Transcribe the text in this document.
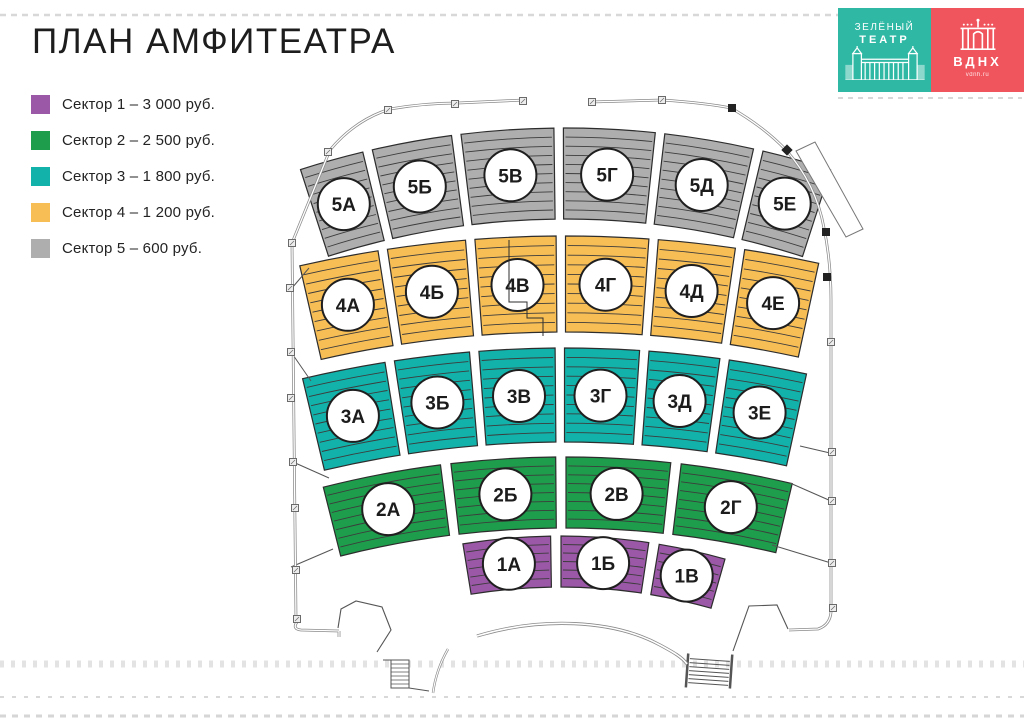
ПЛАН АМФИТЕАТРА
Сектор 1 – 3 000 руб.
Сектор 2 – 2 500 руб.
Сектор 3 – 1 800 руб.
Сектор 4 – 1 200 руб.
Сектор 5 – 600 руб.
5А
5Б
5В	5Г	5Д
5Е
4А
4Б	4В	4Г	4Д
4Е
3А
3Б	3В	3Г	3Д
3Е
2А
2Б	2В
2Г
1А	1Б
1В
ЗЕЛЁНЫЙ
ТЕАТР
ВДНХ
vdnh.ru
